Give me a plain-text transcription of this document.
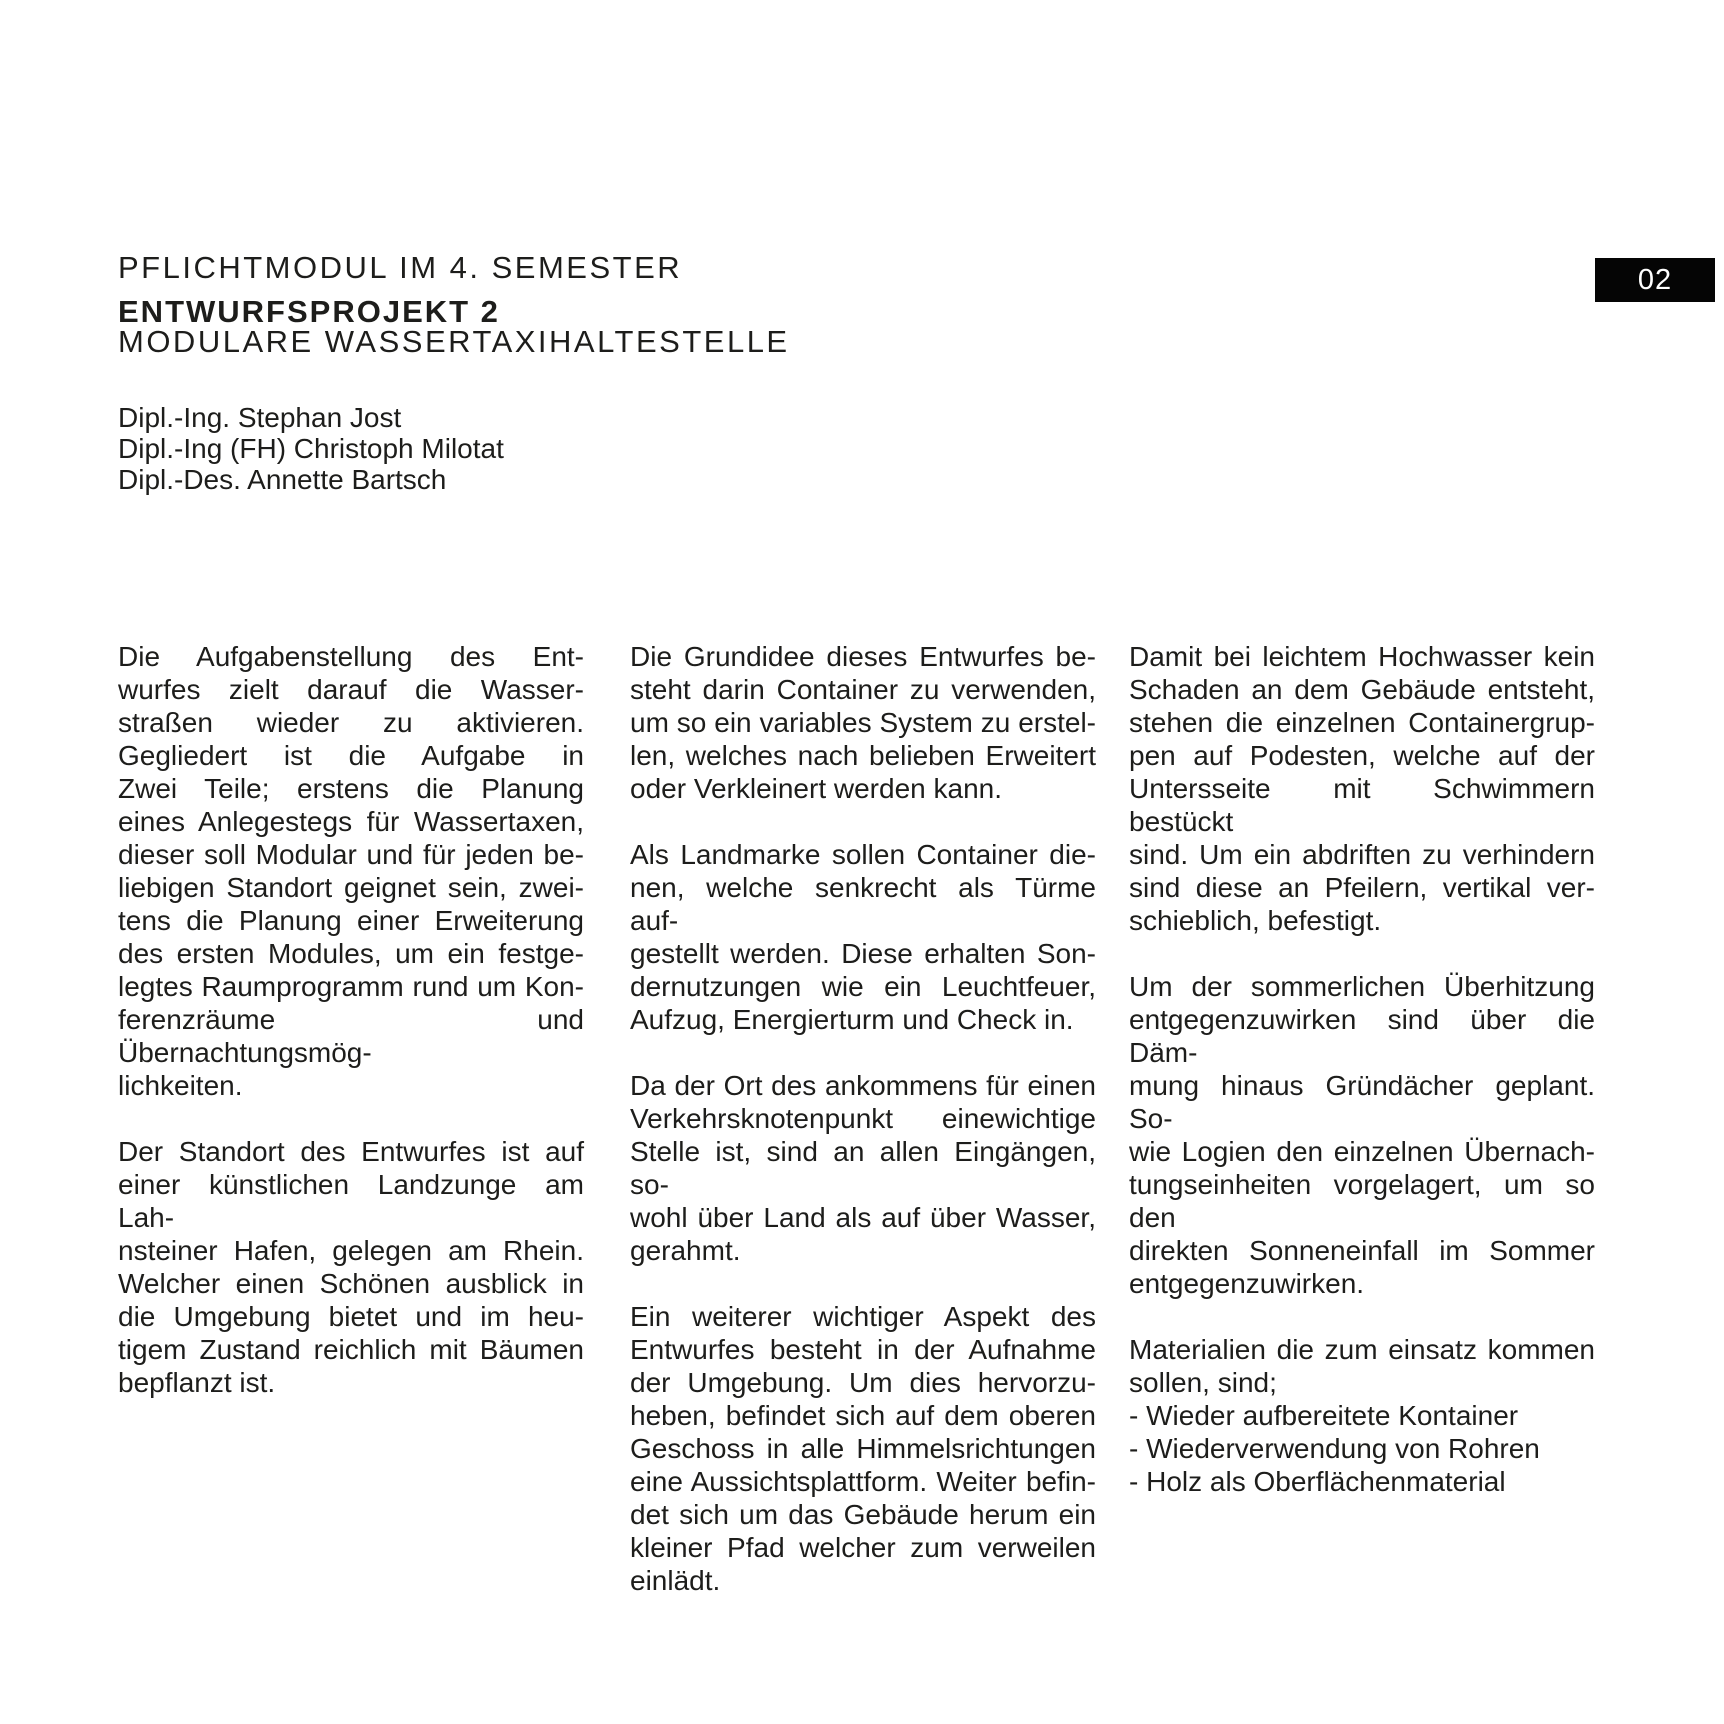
PFLICHTMODUL IM 4. SEMESTER
ENTWURFSPROJEKT 2
MODULARE WASSERTAXIHALTESTELLE
02
Dipl.-Ing. Stephan Jost
Dipl.-Ing (FH) Christoph Milotat
Dipl.-Des. Annette Bartsch
Die Aufgabenstellung des Ent-
wurfes zielt darauf die Wasser-
straßen wieder zu aktivieren.
Gegliedert ist die Aufgabe in
Zwei Teile; erstens die Planung
eines Anlegestegs für Wassertaxen,
dieser soll Modular und für jeden be-
liebigen Standort geignet sein, zwei-
tens die Planung einer Erweiterung
des ersten Modules, um ein festge-
legtes Raumprogramm rund um Kon-
ferenzräume und Übernachtungsmög-
lichkeiten.
Der Standort des Entwurfes ist auf
einer künstlichen Landzunge am Lah-
nsteiner Hafen, gelegen am Rhein.
Welcher einen Schönen ausblick in
die Umgebung bietet und im heu-
tigem Zustand reichlich mit Bäumen
bepflanzt ist.
Die Grundidee dieses Entwurfes be-
steht darin Container zu verwenden,
um so ein variables System zu erstel-
len, welches nach belieben Erweitert
oder Verkleinert werden kann.
Als Landmarke sollen Container die-
nen, welche senkrecht als Türme auf-
gestellt werden. Diese erhalten Son-
dernutzungen wie ein Leuchtfeuer,
Aufzug, Energierturm und Check in.
Da der Ort des ankommens für einen
Verkehrsknotenpunkt einewichtige
Stelle ist, sind an allen Eingängen, so-
wohl über Land als auf über Wasser,
gerahmt.
Ein weiterer wichtiger Aspekt des
Entwurfes besteht in der Aufnahme
der Umgebung. Um dies hervorzu-
heben, befindet sich auf dem oberen
Geschoss in alle Himmelsrichtungen
eine Aussichtsplattform. Weiter befin-
det sich um das Gebäude herum ein
kleiner Pfad welcher zum verweilen
einlädt.
Damit bei leichtem Hochwasser kein
Schaden an dem Gebäude entsteht,
stehen die einzelnen Containergrup-
pen auf Podesten, welche auf der
Untersseite mit Schwimmern bestückt
sind. Um ein abdriften zu verhindern
sind diese an Pfeilern, vertikal ver-
schieblich, befestigt.
Um der sommerlichen Überhitzung
entgegenzuwirken sind über die Däm-
mung hinaus Gründächer geplant. So-
wie Logien den einzelnen Übernach-
tungseinheiten vorgelagert, um so den
direkten Sonneneinfall im Sommer
entgegenzuwirken.
Materialien die zum einsatz kommen
sollen, sind;
- Wieder aufbereitete Kontainer
- Wiederverwendung von Rohren
- Holz als Oberflächenmaterial
